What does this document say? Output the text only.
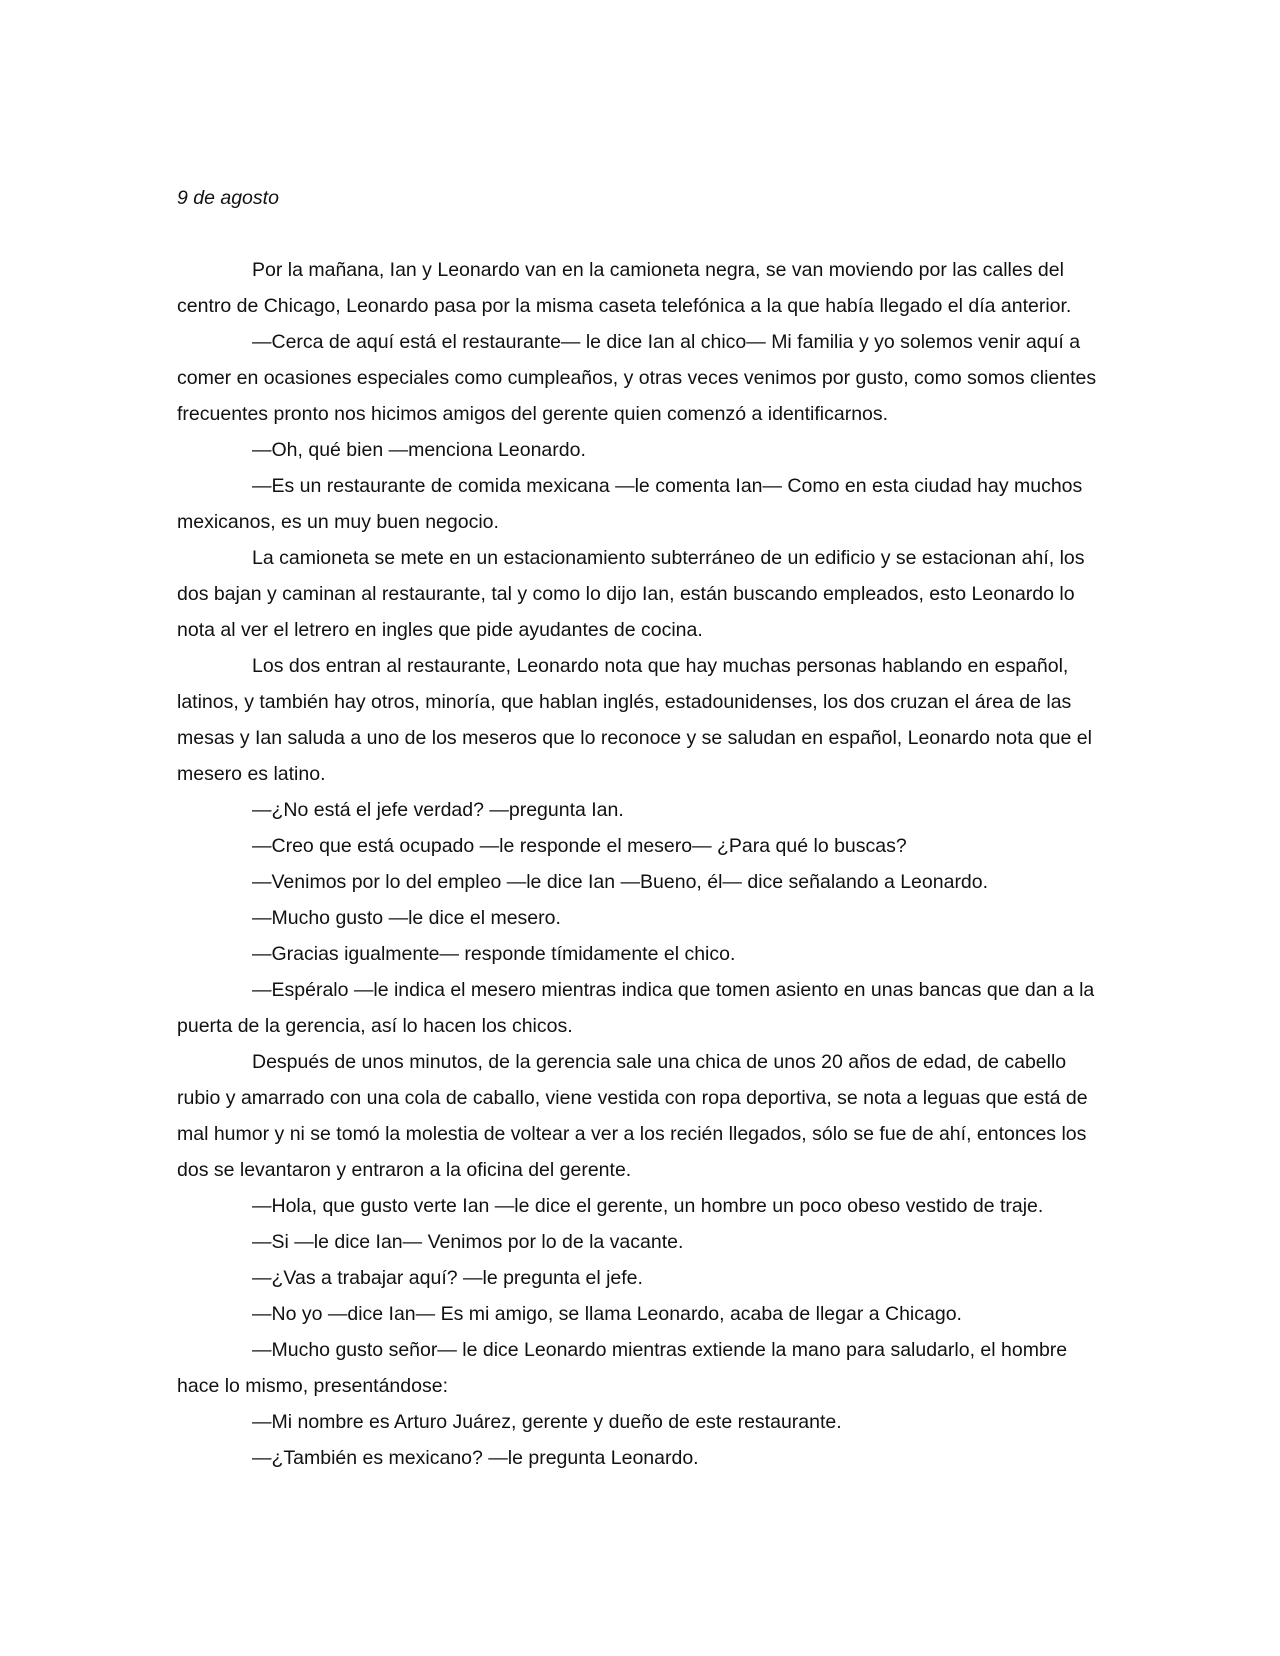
9 de agosto

Por la mañana, Ian y Leonardo van en la camioneta negra, se van moviendo por las calles del centro de Chicago, Leonardo pasa por la misma caseta telefónica a la que había llegado el día anterior.

—Cerca de aquí está el restaurante— le dice Ian al chico— Mi familia y yo solemos venir aquí a comer en ocasiones especiales como cumpleaños, y otras veces venimos por gusto, como somos clientes frecuentes pronto nos hicimos amigos del gerente quien comenzó a identificarnos.

—Oh, qué bien —menciona Leonardo.

—Es un restaurante de comida mexicana —le comenta Ian— Como en esta ciudad hay muchos mexicanos, es un muy buen negocio.

La camioneta se mete en un estacionamiento subterráneo de un edificio y se estacionan ahí, los dos bajan y caminan al restaurante, tal y como lo dijo Ian, están buscando empleados, esto Leonardo lo nota al ver el letrero en ingles que pide ayudantes de cocina.

Los dos entran al restaurante, Leonardo nota que hay muchas personas hablando en español, latinos, y también hay otros, minoría, que hablan inglés, estadounidenses, los dos cruzan el área de las mesas y Ian saluda a uno de los meseros que lo reconoce y se saludan en español, Leonardo nota que el mesero es latino.

—¿No está el jefe verdad? —pregunta Ian.

—Creo que está ocupado —le responde el mesero— ¿Para qué lo buscas?

—Venimos por lo del empleo —le dice Ian —Bueno, él— dice señalando a Leonardo.

—Mucho gusto —le dice el mesero.

—Gracias igualmente— responde tímidamente el chico.

—Espéralo —le indica el mesero mientras indica que tomen asiento en unas bancas que dan a la puerta de la gerencia, así lo hacen los chicos.

Después de unos minutos, de la gerencia sale una chica de unos 20 años de edad, de cabello rubio y amarrado con una cola de caballo, viene vestida con ropa deportiva, se nota a leguas que está de mal humor y ni se tomó la molestia de voltear a ver a los recién llegados, sólo se fue de ahí, entonces los dos se levantaron y entraron a la oficina del gerente.

—Hola, que gusto verte Ian —le dice el gerente, un hombre un poco obeso vestido de traje.

—Si —le dice Ian— Venimos por lo de la vacante.

—¿Vas a trabajar aquí? —le pregunta el jefe.

—No yo —dice Ian— Es mi amigo, se llama Leonardo, acaba de llegar a Chicago.

—Mucho gusto señor— le dice Leonardo mientras extiende la mano para saludarlo, el hombre hace lo mismo, presentándose:

—Mi nombre es Arturo Juárez, gerente y dueño de este restaurante.

—¿También es mexicano? —le pregunta Leonardo.
